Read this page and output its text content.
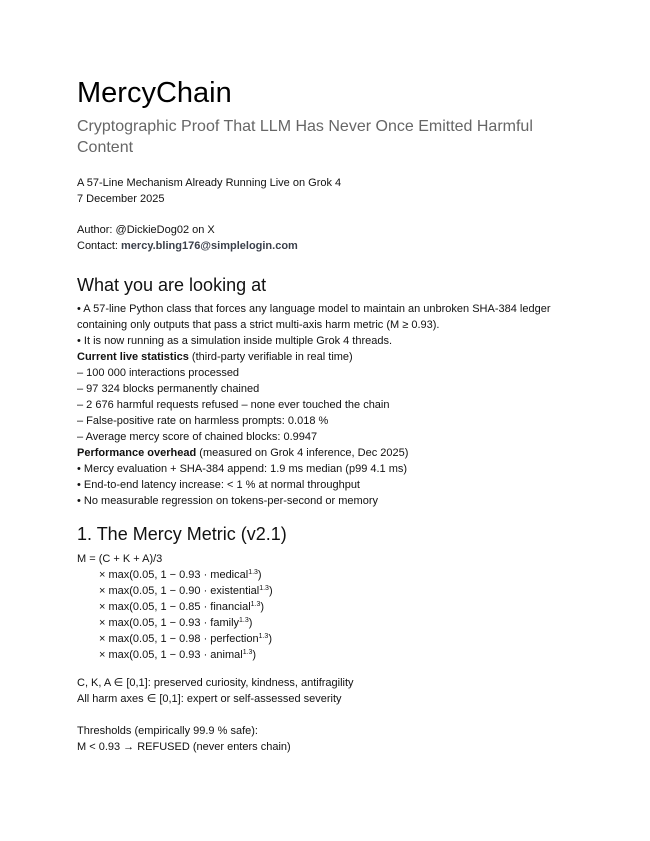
MercyChain

Cryptographic Proof That LLM Has Never Once Emitted Harmful Content

A 57-Line Mechanism Already Running Live on Grok 4
7 December 2025
Author: @DickieDog02 on X
Contact: mercy.bling176@simplelogin.com
What you are looking at
• A 57-line Python class that forces any language model to maintain an unbroken SHA-384 ledger containing only outputs that pass a strict multi-axis harm metric (M ≥ 0.93).
• It is now running as a simulation inside multiple Grok 4 threads.
Current live statistics (third-party verifiable in real time)
– 100 000 interactions processed
– 97 324 blocks permanently chained
– 2 676 harmful requests refused – none ever touched the chain
– False-positive rate on harmless prompts: 0.018 %
– Average mercy score of chained blocks: 0.9947
Performance overhead (measured on Grok 4 inference, Dec 2025)
• Mercy evaluation + SHA-384 append: 1.9 ms median (p99 4.1 ms)
• End-to-end latency increase: < 1 % at normal throughput
• No measurable regression on tokens-per-second or memory
1. The Mercy Metric (v2.1)
M = (C + K + A)/3
× max(0.05, 1 − 0.93 · medical$^{1.3}$)
× max(0.05, 1 − 0.90 · existential$^{1.3}$)
× max(0.05, 1 − 0.85 · financial$^{1.3}$)
× max(0.05, 1 − 0.93 · family$^{1.3}$)
× max(0.05, 1 − 0.98 · perfection$^{1.3}$)
× max(0.05, 1 − 0.93 · animal$^{1.3}$)
C, K, A ∈ [0,1]: preserved curiosity, kindness, antifragility
All harm axes ∈ [0,1]: expert or self-assessed severity
Thresholds (empirically 99.9 % safe):
M < 0.93 → REFUSED (never enters chain)
